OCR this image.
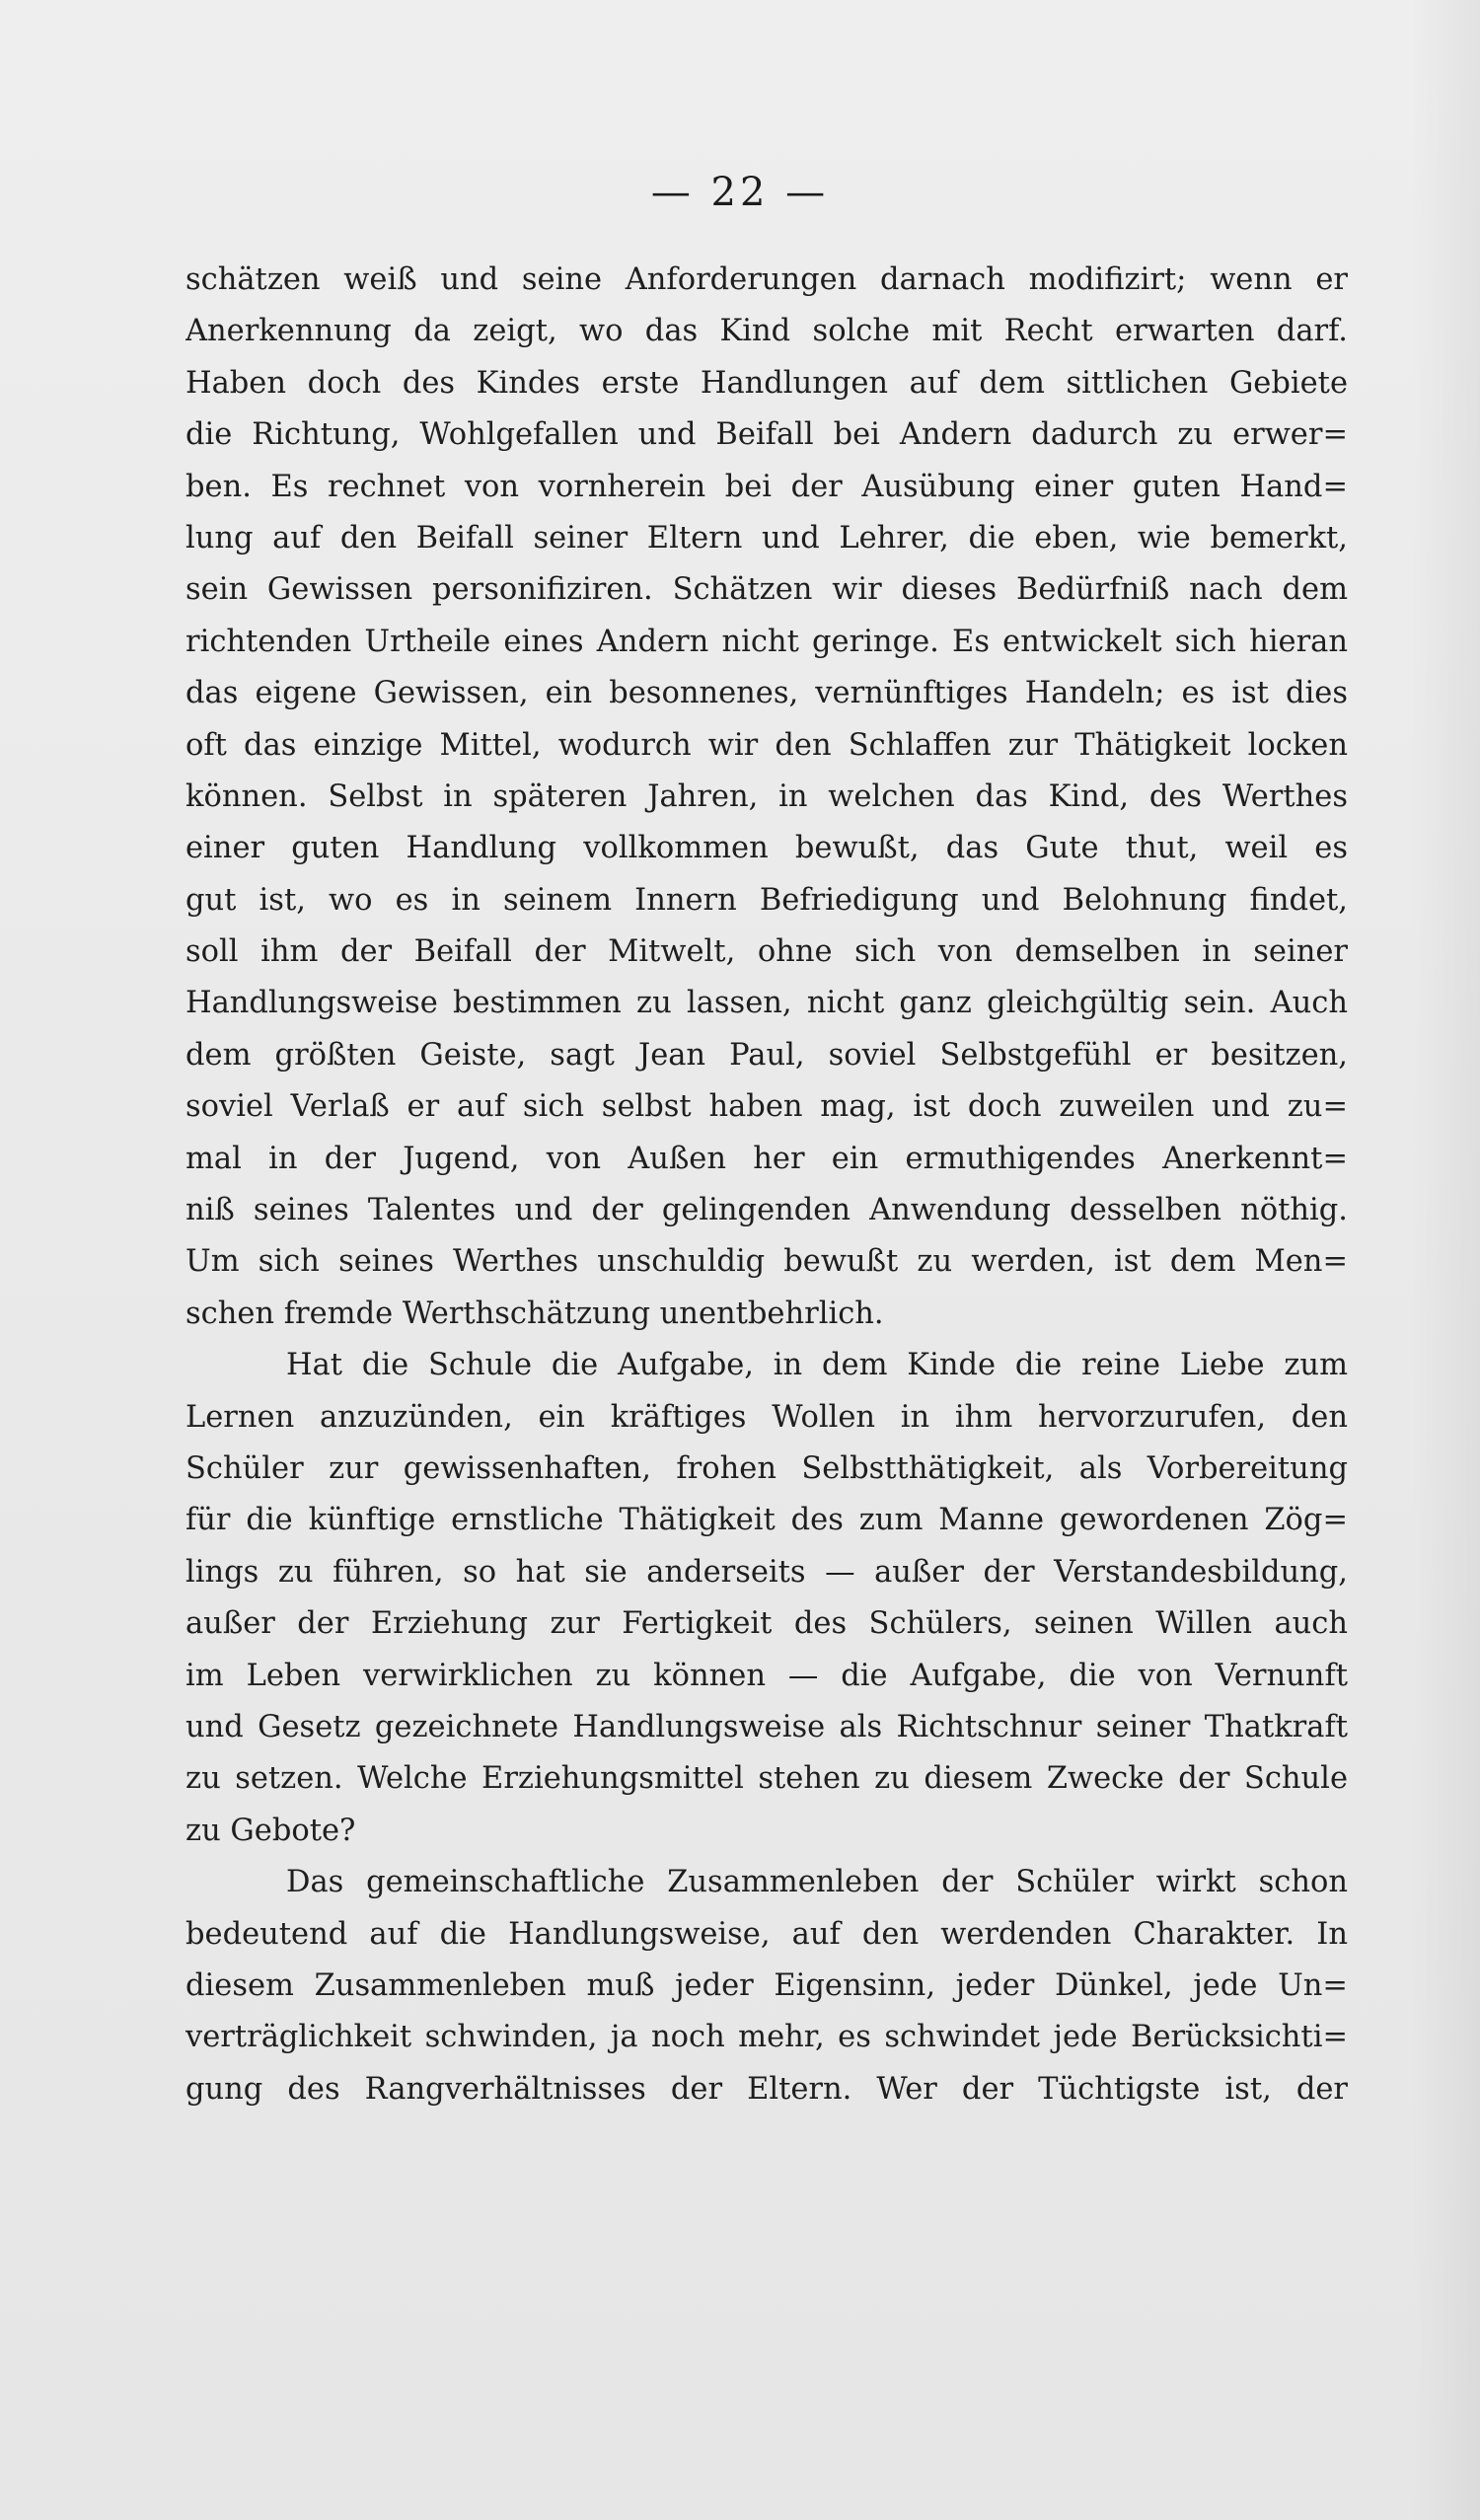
— 22 —
schätzen weiß und seine Anforderungen darnach modifizirt; wenn er
Anerkennung da zeigt, wo das Kind solche mit Recht erwarten darf.
Haben doch des Kindes erste Handlungen auf dem sittlichen Gebiete
die Richtung, Wohlgefallen und Beifall bei Andern dadurch zu erwer=
ben. Es rechnet von vornherein bei der Ausübung einer guten Hand=
lung auf den Beifall seiner Eltern und Lehrer, die eben, wie bemerkt,
sein Gewissen personifiziren. Schätzen wir dieses Bedürfniß nach dem
richtenden Urtheile eines Andern nicht geringe. Es entwickelt sich hieran
das eigene Gewissen, ein besonnenes, vernünftiges Handeln; es ist dies
oft das einzige Mittel, wodurch wir den Schlaffen zur Thätigkeit locken
können. Selbst in späteren Jahren, in welchen das Kind, des Werthes
einer guten Handlung vollkommen bewußt, das Gute thut, weil es
gut ist, wo es in seinem Innern Befriedigung und Belohnung findet,
soll ihm der Beifall der Mitwelt, ohne sich von demselben in seiner
Handlungsweise bestimmen zu lassen, nicht ganz gleichgültig sein. Auch
dem größten Geiste, sagt Jean Paul, soviel Selbstgefühl er besitzen,
soviel Verlaß er auf sich selbst haben mag, ist doch zuweilen und zu=
mal in der Jugend, von Außen her ein ermuthigendes Anerkennt=
niß seines Talentes und der gelingenden Anwendung desselben nöthig.
Um sich seines Werthes unschuldig bewußt zu werden, ist dem Men=
schen fremde Werthschätzung unentbehrlich.
Hat die Schule die Aufgabe, in dem Kinde die reine Liebe zum
Lernen anzuzünden, ein kräftiges Wollen in ihm hervorzurufen, den
Schüler zur gewissenhaften, frohen Selbstthätigkeit, als Vorbereitung
für die künftige ernstliche Thätigkeit des zum Manne gewordenen Zög=
lings zu führen, so hat sie anderseits — außer der Verstandesbildung,
außer der Erziehung zur Fertigkeit des Schülers, seinen Willen auch
im Leben verwirklichen zu können — die Aufgabe, die von Vernunft
und Gesetz gezeichnete Handlungsweise als Richtschnur seiner Thatkraft
zu setzen. Welche Erziehungsmittel stehen zu diesem Zwecke der Schule
zu Gebote?
Das gemeinschaftliche Zusammenleben der Schüler wirkt schon
bedeutend auf die Handlungsweise, auf den werdenden Charakter. In
diesem Zusammenleben muß jeder Eigensinn, jeder Dünkel, jede Un=
verträglichkeit schwinden, ja noch mehr, es schwindet jede Berücksichti=
gung des Rangverhältnisses der Eltern. Wer der Tüchtigste ist, der
